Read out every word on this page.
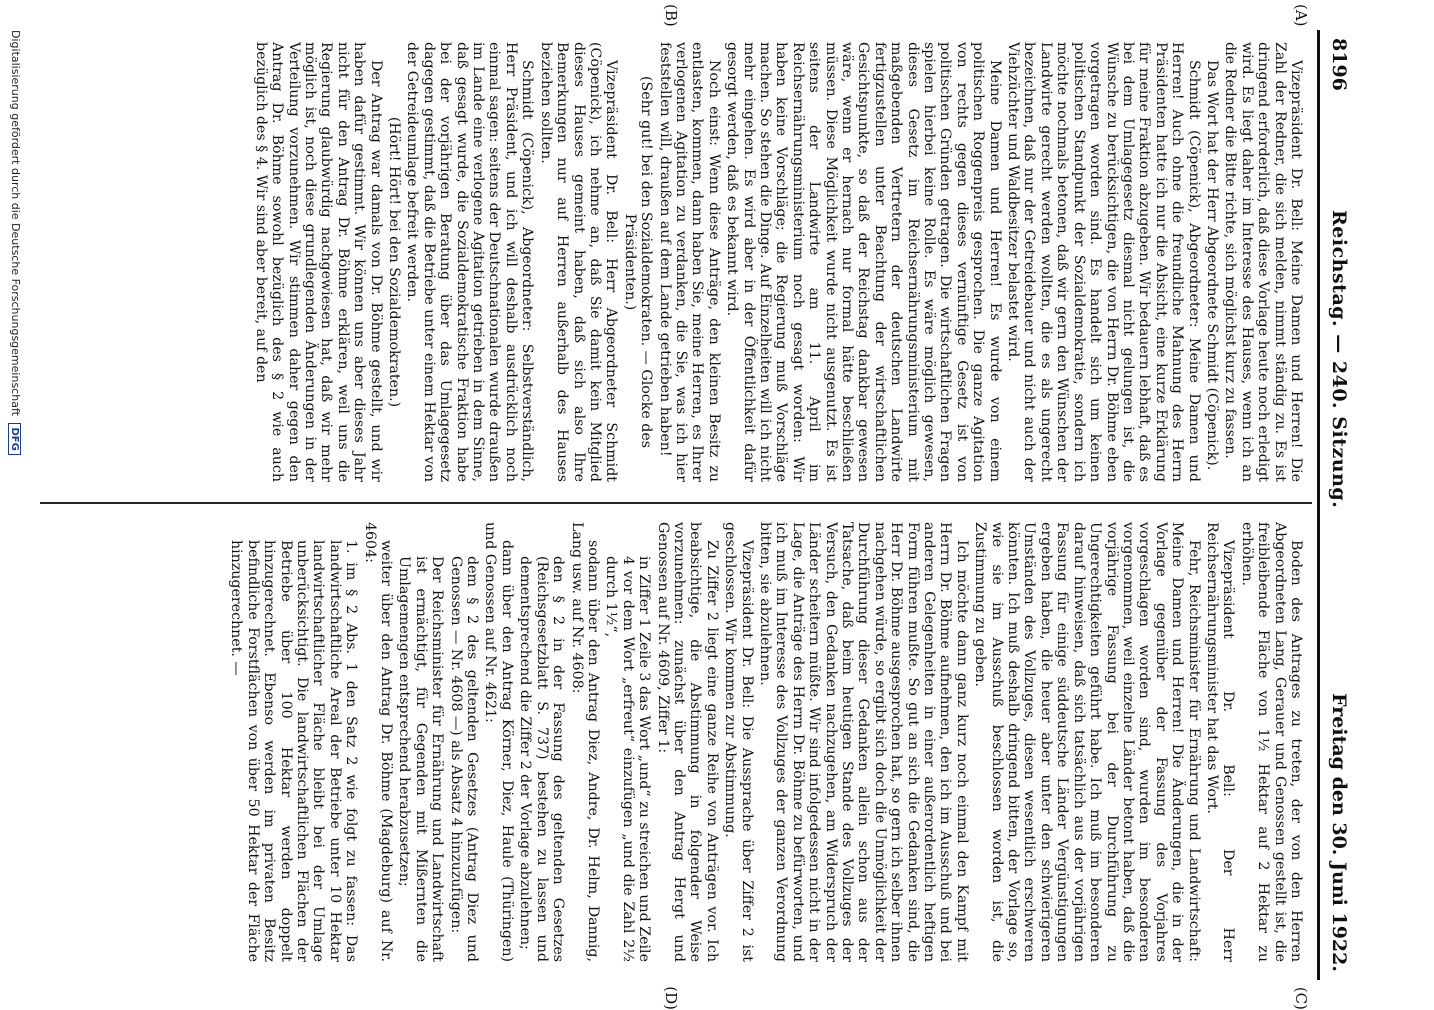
8196
Reichstag. — 240. Sitzung.
Freitag den 30. Juni 1922.
(A)
(B)
(C)
(D)

Vizepräsident Dr. Bell: Meine Damen und Herren! Die Zahl der Redner, die sich melden, nimmt ständig zu. Es ist dringend erforderlich, daß diese Vorlage heute noch erledigt wird. Es liegt daher im Interesse des Hauses, wenn ich an die Redner die Bitte richte, sich möglichst kurz zu fassen.

Das Wort hat der Herr Abgeordnete Schmidt (Cöpenick).

Schmidt (Cöpenick), Abgeordneter: Meine Damen und Herren! Auch ohne die freundliche Mahnung des Herrn Präsidenten hatte ich nur die Absicht, eine kurze Erklärung für meine Fraktion abzugeben. Wir bedauern lebhaft, daß es bei dem Umlagegesetz diesmal nicht gelungen ist, die Wünsche zu berücksichtigen, die von Herrn Dr. Böhme eben vorgetragen worden sind. Es handelt sich um keinen politischen Standpunkt der Sozialdemokratie, sondern ich möchte nochmals betonen, daß wir gern den Wünschen der Landwirte gerecht werden wollten, die es als ungerecht bezeichnen, daß nur der Getreidebauer und nicht auch der Viehzüchter und Waldbesitzer belastet wird.

Meine Damen und Herren! Es wurde von einem politischen Roggenpreis gesprochen. Die ganze Agitation von rechts gegen dieses vernünftige Gesetz ist von politischen Gründen getragen. Die wirtschaftlichen Fragen spielen hierbei keine Rolle. Es wäre möglich gewesen, dieses Gesetz im Reichsernährungsministerium mit maßgebenden Vertretern der deutschen Landwirte fertigzustellen unter Beachtung der wirtschaftlichen Gesichtspunkte, so daß der Reichstag dankbar gewesen wäre, wenn er hernach nur formal hätte beschließen müssen. Diese Möglichkeit wurde nicht ausgenutzt. Es ist seitens der Landwirte am 11. April im Reichsernährungsministerium noch gesagt worden: Wir haben keine Vorschläge; die Regierung muß Vorschläge machen. So stehen die Dinge. Auf Einzelheiten will ich nicht mehr eingehen. Es wird aber in der Öffentlichkeit dafür gesorgt werden, daß es bekannt wird.

Noch einst: Wenn diese Anträge, den kleinen Besitz zu entlasten, kommen, dann haben Sie, meine Herren, es Ihrer verlogenen Agitation zu verdanken, die Sie, was ich hier feststellen will, draußen auf dem Lande getrieben haben!

(Sehr gut! bei den Sozialdemokraten. — Glocke des Präsidenten.)

Vizepräsident Dr. Bell: Herr Abgeordneter Schmidt (Cöpenick), ich nehme an, daß Sie damit kein Mitglied dieses Hauses gemeint haben, daß sich also Ihre Bemerkungen nur auf Herren außerhalb des Hauses beziehen sollten.

Schmidt (Cöpenick), Abgeordneter: Selbstverständlich, Herr Präsident, und ich will deshalb ausdrücklich noch einmal sagen: seitens der Deutschnationalen wurde draußen im Lande eine verlogene Agitation getrieben in dem Sinne, daß gesagt wurde, die Sozialdemokratische Fraktion habe bei der vorjährigen Beratung über das Umlagegesetz dagegen gestimmt, daß die Betriebe unter einem Hektar von der Getreideumlage befreit werden.

(Hört! Hört! bei den Sozialdemokraten.)

Der Antrag war damals von Dr. Böhme gestellt, und wir haben dafür gestimmt. Wir können uns aber dieses Jahr nicht für den Antrag Dr. Böhme erklären, weil uns die Regierung glaubwürdig nachgewiesen hat, daß wir mehr möglich ist, noch diese grundlegenden Änderungen in der Verteilung vorzunehmen. Wir stimmen daher gegen den Antrag Dr. Böhme sowohl bezüglich des § 2 wie auch bezüglich des § 4. Wir sind aber bereit, auf den

Boden des Antrages zu treten, der von den Herren Abgeordneten Lang, Gerauer und Genossen gestellt ist, die freibleibende Fläche von 1½ Hektar auf 2 Hektar zu erhöhen.

Vizepräsident Dr. Bell: Der Herr Reichsernährungsminister hat das Wort.

Fehr, Reichsminister für Ernährung und Landwirtschaft: Meine Damen und Herren! Die Änderungen, die in der Vorlage gegenüber der Fassung des Vorjahres vorgeschlagen worden sind, wurden im besonderen vorgenommen, weil einzelne Länder betont haben, daß die vorjährige Fassung bei der Durchführung zu Ungerechtigkeiten geführt habe. Ich muß im besonderen darauf hinweisen, daß sich tatsächlich aus der vorjährigen Fassung für einige süddeutsche Länder Vergünstigungen ergeben haben, die heuer aber unter den schwierigeren Umständen des Vollzuges, diesen wesentlich erschweren könnten. Ich muß deshalb dringend bitten, der Vorlage so, wie sie im Ausschuß beschlossen worden ist, die Zustimmung zu geben.

Ich möchte dann ganz kurz noch einmal den Kampf mit Herrn Dr. Böhme aufnehmen, den ich im Ausschuß und bei anderen Gelegenheiten in einer außerordentlich heftigen Form führen mußte. So gut an sich die Gedanken sind, die Herr Dr. Böhme ausgesprochen hat, so gern ich selber ihnen nachgehen würde, so ergibt sich doch die Unmöglichkeit der Durchführung dieser Gedanken allein schon aus der Tatsache, daß beim heutigen Stande des Vollzuges der Versuch, den Gedanken nachzugehen, am Widerspruch der Länder scheitern müßte. Wir sind infolgedessen nicht in der Lage, die Anträge des Herrn Dr. Böhme zu befürworten, und ich muß im Interesse des Vollzuges der ganzen Verordnung bitten, sie abzulehnen.

Vizepräsident Dr. Bell: Die Aussprache über Ziffer 2 ist geschlossen. Wir kommen zur Abstimmung.

Zu Ziffer 2 liegt eine ganze Reihe von Anträgen vor. Ich beabsichtige, die Abstimmung in folgender Weise vorzunehmen: zunächst über den Antrag Hergt und Genossen auf Nr. 4609, Ziffer 1:

in Ziffer 1 Zeile 3 das Wort „und“ zu streichen und Zeile 4 vor dem Wort „erfreut“ einzufügen „und die Zahl 2½ durch 1½“,

sodann über den Antrag Diez, Andre, Dr. Helm, Dannig, Lang usw. auf Nr. 4608:

den § 2 in der Fassung des geltenden Gesetzes (Reichsgesetzblatt S. 737) bestehen zu lassen und dementsprechend die Ziffer 2 der Vorlage abzulehnen;

dann über den Antrag Körner, Diez, Haule (Thüringen) und Genossen auf Nr. 4621:

dem § 2 des geltenden Gesetzes (Antrag Diez und Genossen — Nr. 4608 —) als Absatz 4 hinzuzufügen:

Der Reichsminister für Ernährung und Landwirtschaft ist ermächtigt, für Gegenden mit Mißernten die Umlagemengen entsprechend herabzusetzen;

weiter über den Antrag Dr. Böhme (Magdeburg) auf Nr. 4604:

1. im § 2 Abs. 1 den Satz 2 wie folgt zu fassen: Das landwirtschaftliche Areal der Betriebe unter 10 Hektar landwirtschaftlicher Fläche bleibt bei der Umlage unberücksichtigt. Die landwirtschaftlichen Flächen der Betriebe über 100 Hektar werden doppelt hinzugerechnet. Ebenso werden im privaten Besitz befindliche Forstflächen von über 50 Hektar der Fläche hinzugerechnet. —

Digitalisierung gefördert durch die Deutsche Forschungsgemeinschaft DFG
